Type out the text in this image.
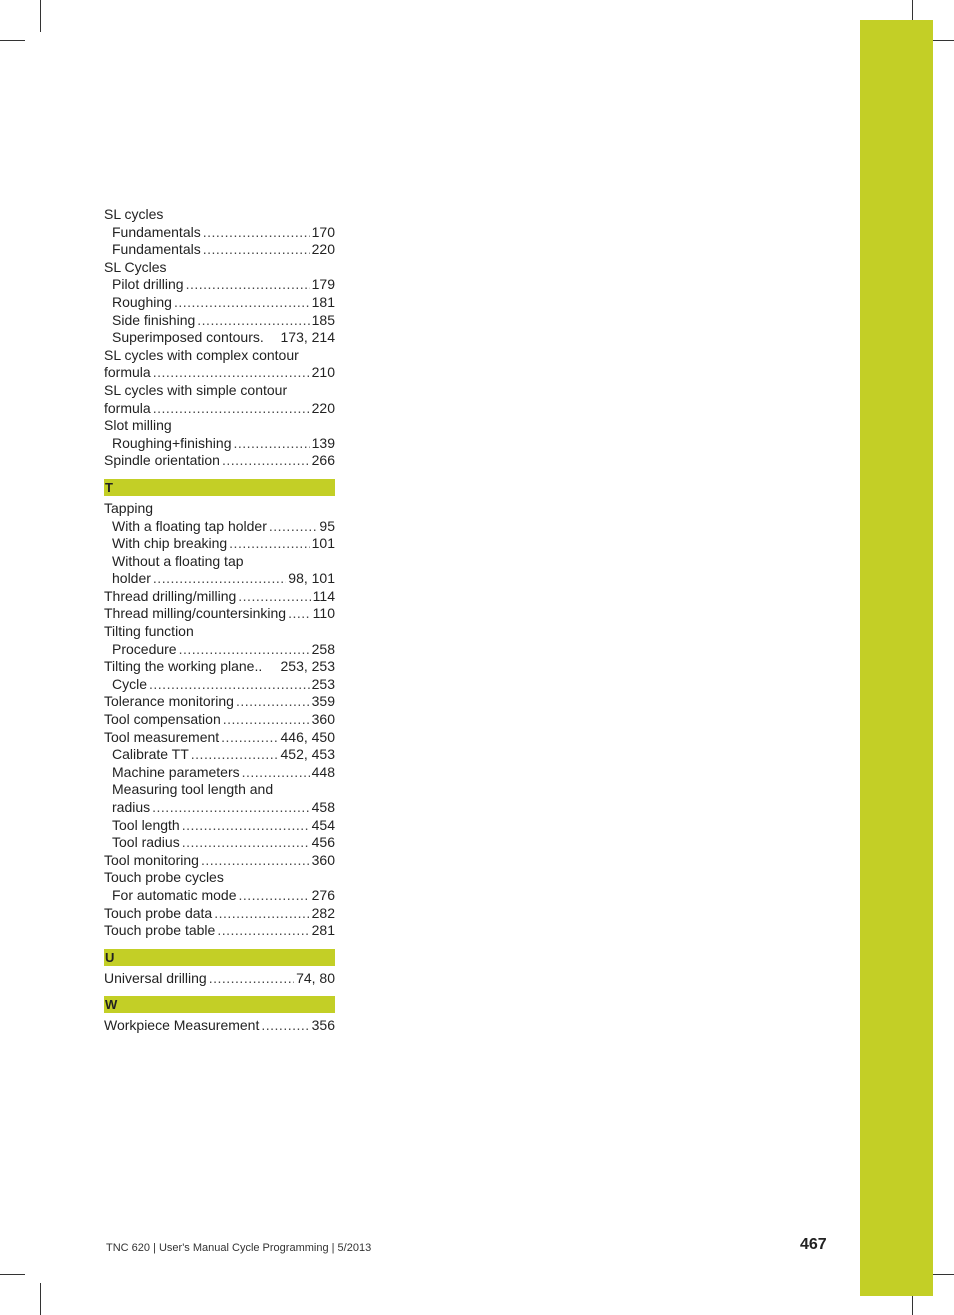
SL cycles
Fundamentals .....	170
Fundamentals .....	220
SL Cycles
Pilot drilling .....	179
Roughing .....	181
Side finishing .....	185
Superimposed contours. 173, 214
SL cycles with complex contour
formula .....	210
SL cycles with simple contour
formula .....	220
Slot milling
Roughing+finishing .....	139
Spindle orientation .....	266
T
Tapping
With a floating tap holder .....	95
With chip breaking .....	101
Without a floating tap
holder .....	98, 101
Thread drilling/milling .....	114
Thread milling/countersinking ..... 110
Tilting function
Procedure .....	258
Tilting the working plane.. 253, 253
Cycle .....	253
Tolerance monitoring .....	359
Tool compensation .....	360
Tool measurement .....	446, 450
Calibrate TT .....	452, 453
Machine parameters .....	448
Measuring tool length and
radius .....	458
Tool length .....	454
Tool radius .....	456
Tool monitoring .....	360
Touch probe cycles
For automatic mode .....	276
Touch probe data .....	282
Touch probe table .....	281
U
Universal drilling .....	74, 80
W
Workpiece Measurement .....	356
TNC 620 | User's Manual Cycle Programming | 5/2013	467
